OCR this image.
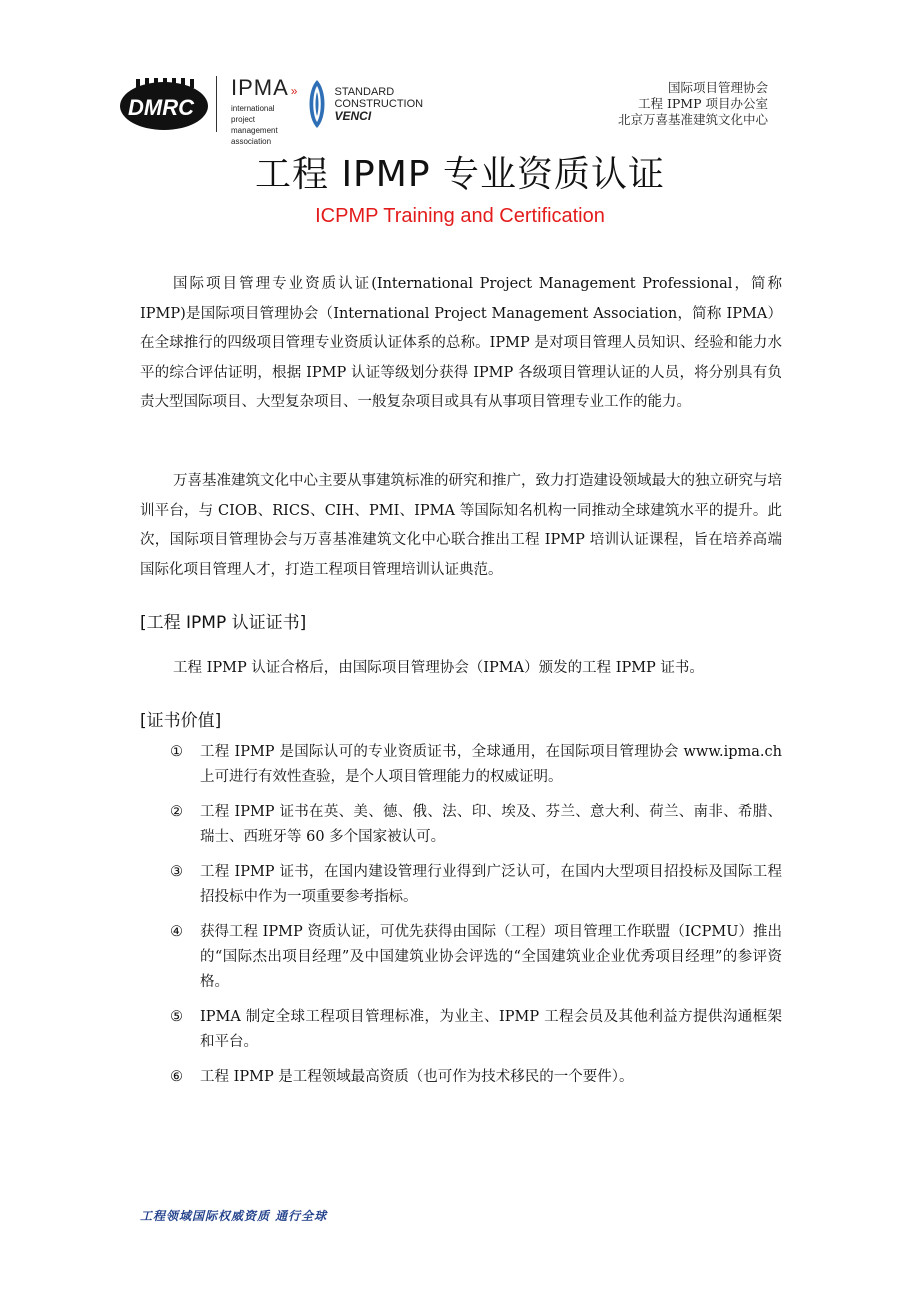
DMRC
IPMA »
international
project
management
association
STANDARD
CONSTRUCTION
VENCI
国际项目管理协会
工程 IPMP 项目办公室
北京万喜基准建筑文化中心
工程 IPMP 专业资质认证
ICPMP Training and Certification

国际项目管理专业资质认证(International Project Management Professional，简称 IPMP)是国际项目管理协会（International Project Management Association，简称 IPMA）在全球推行的四级项目管理专业资质认证体系的总称。IPMP 是对项目管理人员知识、经验和能力水平的综合评估证明，根据 IPMP 认证等级划分获得 IPMP 各级项目管理认证的人员，将分别具有负责大型国际项目、大型复杂项目、一般复杂项目或具有从事项目管理专业工作的能力。

万喜基准建筑文化中心主要从事建筑标准的研究和推广，致力打造建设领域最大的独立研究与培训平台，与 CIOB、RICS、CIH、PMI、IPMA 等国际知名机构一同推动全球建筑水平的提升。此次，国际项目管理协会与万喜基准建筑文化中心联合推出工程 IPMP 培训认证课程，旨在培养高端国际化项目管理人才，打造工程项目管理培训认证典范。

[工程 IPMP 认证证书]

工程 IPMP 认证合格后，由国际项目管理协会（IPMA）颁发的工程 IPMP 证书。

[证书价值]
①	工程 IPMP 是国际认可的专业资质证书，全球通用，在国际项目管理协会 www.ipma.ch 上可进行有效性查验，是个人项目管理能力的权威证明。
②	工程 IPMP 证书在英、美、德、俄、法、印、埃及、芬兰、意大利、荷兰、南非、希腊、瑞士、西班牙等 60 多个国家被认可。
③	工程 IPMP 证书，在国内建设管理行业得到广泛认可，在国内大型项目招投标及国际工程招投标中作为一项重要参考指标。
④	获得工程 IPMP 资质认证，可优先获得由国际（工程）项目管理工作联盟（ICPMU）推出的“国际杰出项目经理”及中国建筑业协会评选的“全国建筑业企业优秀项目经理”的参评资格。
⑤	IPMA 制定全球工程项目管理标准，为业主、IPMP 工程会员及其他利益方提供沟通框架和平台。
⑥	工程 IPMP 是工程领域最高资质（也可作为技术移民的一个要件）。
工程领域国际权威资质 通行全球
